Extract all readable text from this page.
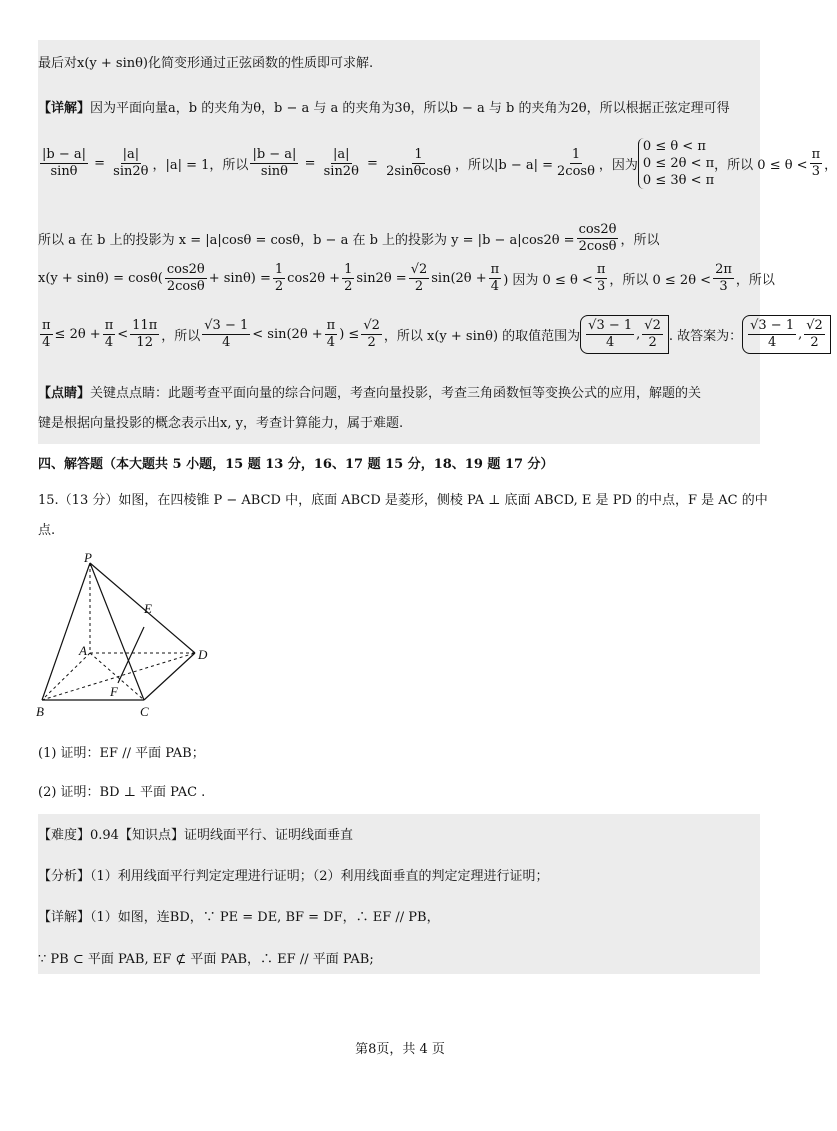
最后对x(y + sinθ)化简变形通过正弦函数的性质即可求解.
【详解】因为平面向量a，b 的夹角为θ，b − a 与 a 的夹角为3θ，所以b − a 与 b 的夹角为2θ，所以根据正弦定理可得
$\frac{|b - a|}{\sin\theta} = \frac{|a|}{\sin 2\theta}$ ，|a| = 1，所以 $\frac{|b - a|}{\sin\theta} = \frac{|a|}{\sin 2\theta} = \frac{1}{2\sin\theta\cos\theta}$ ，所以$|b - a| = \frac{1}{2\cos\theta}$ ，因为
0 ≤ θ < π
0 ≤ 2θ < π
0 ≤ 3θ < π
，所以 $0 \le \theta < \frac{\pi}{3}$ ，
所以 a 在 b 上的投影为 x = |a|cosθ = cosθ，b − a 在 b 上的投影为 $y = |b - a|\cos 2\theta = \frac{\cos 2\theta}{2\cos\theta}$ ，所以
$x(y + \sin\theta) = \cos\theta( \frac{\cos 2\theta}{2\cos\theta} + \sin\theta) = \frac{1}{2} \cos 2\theta + \frac{1}{2} \sin 2\theta = \frac{√2}{2} \sin(2\theta + \frac{\pi}{4}$ ) 因为 $0 \le \theta < \frac{\pi}{3}$ ，所以 $0 \le 2\theta < \frac{2\pi}{3}$ ，所以
$\frac{\pi}{4} \le 2\theta + \frac{\pi}{4} < \frac{11\pi}{12}$ ，所以 $\frac{√3 - 1}{4} < \sin(2\theta + \frac{\pi}{4}$ ) ≤ $\frac{√2}{2}$ ，所以 x(y + sinθ) 的取值范围为 $\frac{√3 - 1}{4}$ , $\frac{√2}{2}$ . 故答案为： $\frac{√3 - 1}{4}$ , $\frac{√2}{2}$
【点睛】关键点点睛：此题考查平面向量的综合问题，考查向量投影，考查三角函数恒等变换公式的应用，解题的关
键是根据向量投影的概念表示出x, y，考查计算能力，属于难题.
四、解答题（本大题共 5 小题，15 题 13 分，16、17 题 15 分，18、19 题 17 分）
15.（13 分）如图，在四棱锥 P − ABCD 中，底面 ABCD 是菱形，侧棱 PA ⊥ 底面 ABCD, E 是 PD 的中点，F 是 AC 的中
点.
P
E
A	D
F
B	C
(1) 证明：EF // 平面 PAB；
(2) 证明：BD ⊥ 平面 PAC .
【难度】0.94【知识点】证明线面平行、证明线面垂直
【分析】（1）利用线面平行判定定理进行证明；（2）利用线面垂直的判定定理进行证明；
【详解】（1）如图，连BD，∵ PE = DE, BF = DF，∴ EF // PB，
∵ PB ⊂ 平面 PAB, EF ⊄ 平面 PAB，∴ EF // 平面 PAB;
第8页，共 4 页
